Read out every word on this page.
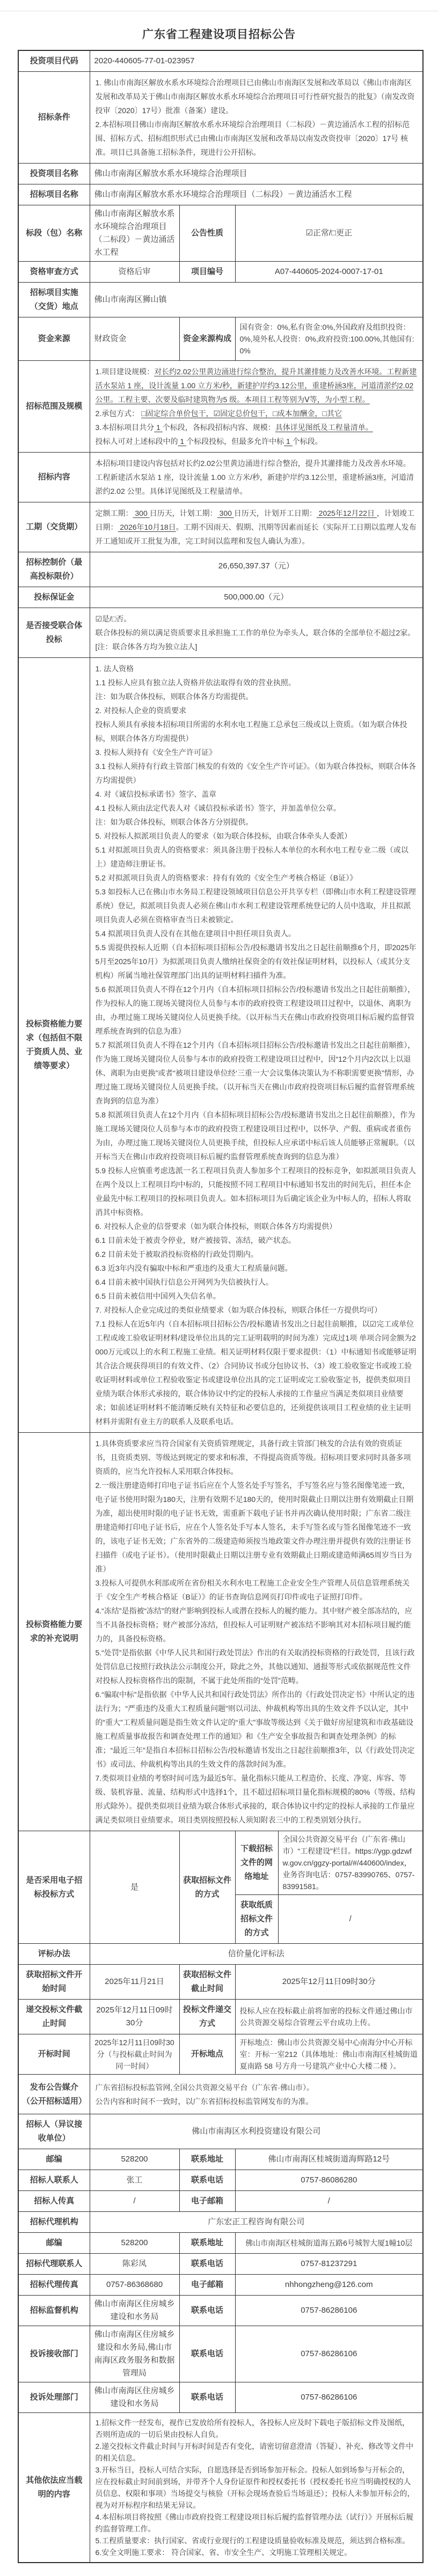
广东省工程建设项目招标公告
投资项目代码	2020-440605-77-01-023957			
招标条件	1. 佛山市南海区解放水系水环境综合治理项目已由佛山市南海区发展和改革局以《佛山市南海区发展和改革局关于佛山市南海区解放水系水环境综合治理项目可行性研究报告的批复》（南发改资投审〔2020〕17号）批准（备案）建设。

2.本招标项目佛山市南海区解放水系水环境综合治理项目（二标段）－黄边涌活水工程的招标范围、招标方式、招标组织形式已由佛山市南海区发展和改革局以南发改资投审〔2020〕17号 核准。项目已具备施工招标条件，现进行公开招标。			

投资项目名称	佛山市南海区解放水系水环境综合治理项目			
招标项目名称	佛山市南海区解放水系水环境综合治理项目（二标段）－黄边涌活水工程			
标段（包）名称	佛山市南海区解放水系水环境综合治理项目（二标段）－黄边涌活水工程	公告性质	☑正常/□更正	
资格审查方式	资格后审	项目编号	A07-440605-2024-0007-17-01	
招标项目实施（交货）地点	佛山市南海区狮山镇			
资金来源	财政资金	资金来源构成	国有资金：0%,私有资金:0%,外国政府及组织投资：0%,境外私人投资：0%,政府投资:100.00%,其他国有:0%	
招标范围及规模	1.项目建设规模：对长约2.02公里黄边涌进行综合整治，提升其灌排能力及改善水环境。工程新建活水泵站 1 座，设计流量 1.00 立方米/秒，新建护岸约3.12公里，重建桥涵3座，河道清淤约2.02 公里。工程主要、次要及临时建筑物为5 级。本项目工程等别为Ⅴ等，为小型工程。

2.承包方式： □固定综合单价包干，☑固定总价包干，□成本加酬金，□其它

3.本招标项目共分 1 个标段，各标段招标内容、规模：具体详见图纸及工程量清单。

投标人可对上述标段中的 1 个标段投标，但最多允许中标 1 个标段。			

招标内容	本招标项目建设内容包括对长约2.02公里黄边涌进行综合整治，提升其灌排能力及改善水环境。工程新建活水泵站 1 座，设计流量 1.00 立方米/秒，新建护岸约3.12公里，重建桥涵3座，河道清淤约2.02 公里。具体详见图纸及工程量清单。			

工期（交货期）	定额工期： 300 日历天，计划工期： 300 日历天，计划开工日期： 2025年12月22日 ，计划竣工日期： 2026年10月18日。工期不因雨天、假期、汛期等因素而延长（实际开工日期以监理人发布开工通知或开工批复为准，完工时间以监理和发包人确认为准）。			

招标控制价（最高投标限价）	26,650,397.37（元）			
投标保证金	500,000.00（元）			
是否接受联合体投标	☑是/□否。

联合体投标的须以满足资质要求且承担施工工作的单位为牵头人，联合体的全部单位不超过2家。

[注：联合体各方均为独立法人]			

投标资格能力要求（包括但不限于资质人员、业绩等要求）	

1. 法人资格

1.1 投标人应具有独立法人资格并依法取得有效的营业执照。

注：如为联合体投标，则联合体各方均需提供。

2. 对投标人企业的资质要求

投标人须具有承接本招标项目所需的水利水电工程施工总承包三级或以上资质。（如为联合体投标，则联合体各方均需提供）

3. 投标人须持有《安全生产许可证》

3.1 投标人须持有行政主管部门核发的有效的《安全生产许可证》。（如为联合体投标，则联合体各方均需提供）

4. 对《诚信投标承诺书》签字、盖章

4.1 投标人须由法定代表人对《诚信投标承诺书》签字，并加盖单位公章。

注：如为联合体投标，则联合体各方分别提供。

5. 对投标人拟派项目负责人的要求（如为联合体投标，由联合体牵头人委派）

5.1 对拟派项目负责人的资格要求：须具备注册于投标人本单位的水利水电工程专业二级（或以上）建造师注册证书。

5.2 对拟派项目负责人的资格要求：持有有效的《安全生产考核合格证（B证）》

5.3 如投标人已在佛山市水务局工程建设领域项目信息公开共享专栏（即佛山市水利工程建设管理系统）登记，拟派项目负责人必须在佛山市水利工程建设管理系统登记的人员中选取，并且拟派项目负责人必须在资格审查当日未被锁定。

5.4 拟派项目负责人没有在其他在建项目中担任项目负责人。

5.5 需提供投标人近期（自本招标项目招标公告/投标邀请书发出之日起往前顺推6个月，即2025年5月至2025年10月）为拟派项目负责人缴纳社保资金的有效社保证明材料，以投标人（或其分支机构）所属当地社保管理部门出具的证明材料扫描件为准。

5.6 拟派项目负责人不得在12个月内（自本招标项目招标公告/投标邀请书发出之日起往前顺推），作为投标人的施工现场关键岗位人员参与本市的政府投资工程建设项目过程中，以退休、离职为由，办理过施工现场关键岗位人员更换手续。（以开标当天在佛山市政府投资项目标后履约监督管理系统查询到的信息为准）

5.7 拟派项目负责人不得在12个月内（自本招标项目招标公告/投标邀请书发出之日起往前顺推），作为施工现场关键岗位人员参与本市的政府投资工程建设项目过程中，因“12个月内2次以上以退休、离职为由更换”或者“被项目建设单位经‘三重一大’会议集体决策认为不称职需要更换”情形，办理过施工现场关键岗位人员更换手续。（以开标当天在佛山市政府投资项目标后履约监督管理系统查询到的信息为准）

5.8 拟派项目负责人在12个月内（自本招标项目招标公告/投标邀请书发出之日起往前顺推），作为施工现场关键岗位人员参与本市的政府投资工程建设项目过程中，以怀孕、产假、重病或者重伤为由，办理过施工现场关键岗位人员更换手续，但投标人应承诺中标后该人员能够正常履职。（以开标当天在佛山市政府投资项目标后履约监督管理系统查询到的信息为准）

5.9 投标人应慎重考虑选派一名工程项目负责人参加多个工程项目的投标竞争，如拟派项目负责人在两个及以上工程项目均中标的，只能按照不同工程项目中标通知书发出的时间先后，担任本企业最先中标工程项目的投标项目负责人。如本招标项目为后确定该企业为中标人的，招标人将取消其中标资格。

6. 对投标人企业的信誉要求（如为联合体投标，则联合体各方均需提供）

6.1 目前未处于被责令停业，财产被接管、冻结，破产状态。

6.2 目前未处于被取消投标资格的行政处罚期内。

6.3 近3年内没有骗取中标和严重违约及重大工程质量问题。

6.4 目前未被中国执行信息公开网列为失信被执行人。

6.5 目前未被信用中国列入失信名单。

7. 对投标人企业完成过的类似业绩要求（如为联合体投标，则联合体任一方提供均可）

7.1 投标人在近5年内（自本招标项目招标公告/投标邀请书发出之日起往前顺推，以☑完工或单位工程或竣工验收证明材料/建设单位出具的完工证明载明的时间为准）完成过1项 单项合同金额为2000万元或以上的水利工程施工业绩。相关证明材料仅限于要求提供：（1）中标通知书或能够证明其合法合规获得项目的有效文件、（2）合同协议书或分包协议书、（3）竣工验收鉴定书或竣工验收证明材料或单位工程验收鉴定书或建设单位出具的完工证明或完工验收鉴定书，提供类似项目业绩为联合体形式承接的，联合体协议中约定的投标人承接的工作量应当满足类似项目业绩要求；如前述证明材料不能清晰反映有关特征和必要信息的，还须提供该项目工程业绩的业主证明材料并需附有业主方的联系人及联系电话。

投标资格能力要求的补充说明	

1.具体资质要求应当符合国家有关资质管理规定，具备行政主管部门核发的合法有效的资质证书，且资质类别、等级达到规定的要求和标准，不得提高资质等级。招标项目要求同时具备多项资质的，应当允许投标人采用联合体投标。

2.一级注册建造师打印电子证书后应在个人签名处手写签名，手写签名应与签名图像笔迹一致，电子证书使用时限为180天，注册有效期不足180天的，使用时限截止日期以注册有效期截止日期为准，超出使用时限的电子证书无效，需重新下载电子证书并再次确认使用时限；广东省二级注册建造师打印电子证书后，应在个人签名处手写本人签名，未手写签名或与签名图像笔迹不一致的，该电子证书无效；广东省外的二级建造师须按当地政策文件办理注册并提供有效的注册证书扫描件（或电子证书）。（使用时限截止日期以注册专业有效期截止日期或建造师满65周岁当日为准）

3.投标人可提供水利部或所在省份相关水利水电工程施工企业安全生产管理人员信息管理系统关于《安全生产考核合格证（B证）》的证书查询信息网页打印件或电子证照打印件。

4.“冻结”是指被“冻结”的财产影响到投标人或潜在投标人的履约能力。其中财产被全部冻结的，应当不具备投标资格；财产被部分冻结，但投标人可证明财产被冻结不影响其对本招标项目履约能力的，具备投标资格。

5.“处罚”是指依据《中华人民共和国行政处罚法》作出的有关取消投标资格的行政处罚，且该行政处罚信息已按照行政执法公示制度公开，除此之外，其他以通知、通报等形式或依据规范性文件对投标人投标资格作出的限制，不属于此处所指的“处罚”范畴。

6.“骗取中标”是指依据《中华人民共和国行政处罚法》所作出的《行政处罚决定书》中所认定的违法行为；“严重违约及重大工程质量问题”则以司法、仲裁机构等出具的生效文件予以认定，其中的“重大”工程质量问题是指生效文件认定的“重大”事故等级达到《关于做好房屋建筑和市政基础设施工程质量事故报告和调查处理工作的通知》和《生产安全事故报告和调查处理条例》的标准；“最近三年”是指自本招标目招标公告/投标邀请书发出之日起往前顺推3年，以《行政处罚决定书》或司法、仲裁机构等出具的生效文件的落款时间为准。

7.类似项目业绩的考察时间可选为最近5年。量化指标只能从工程造价、长度、净宽、库容、等级、装机容量、流量、结构形式中选择1个，且不超过招标项目量化指标规模的80%（等级、结构形式除外）。提供类似项目业绩为联合体形式承接的，联合体协议中约定的投标人承接的工作量应满足类似项目业绩要求。项目类别按照投标人须知附表三中的工程类别划分执行。

是否采用电子招标投标方式	是	获取招标文件的方式	下载招标文件的网络地址	全国公共资源交易平台（广东省·佛山市）“工程建设”栏目。https://ygp.gdzwfw.gov.cn/ggzy-portal/#/440600/index，业务咨询电话：0757-83990765、0757-83991581。
			获取纸质招标文件的方式	/
评标办法	信价量化评标法			
获取招标文件开始时间	2025年11月21日	获取招标文件截止时间	2025年12月11日09时30分	
递交投标文件截止时间	2025年12月11日09时30分	投标文件递交方式	投标人应在投标截止前将加密的投标文件通过佛山市公共资源交易综合管理云平台成功上传。	
开标时间	2025年12月11日09时30分（与投标截止时间为同一时间）	开标地点	开标地点：佛山市公共资源交易中心南海分中心开标室：开标一室212（具体地址：佛山市南海区桂城街道夏南路 58 号方舟一号建筑产业中心大楼二楼 ）。	
发布公告媒介（公开招标适用）	广东省招标投标监管网,全国公共资源交易平台（广东省·佛山市）。

公告内容和时间不一致时，以广东省招标投标监管网发布的为准。			

招标人（异议接收单位）	佛山市南海区水利投资建设有限公司			
邮编	528200	联系地址	佛山市南海区桂城街道海辉路12号	
招标人联系人	张工	联系电话	0757-86086280	
招标人传真	/	电子邮箱	/	
招标代理机构	广东宏正工程咨询有限公司			
邮编	528200	联系地址	佛山市南海区桂城街道海五路6号城智大厦1幢10层	
招标代理联系人	陈彩凤	联系电话	0757-81237291	
招标代理传真	0757-86368680	电子邮箱	nhhongzheng@126.com	
招标监督机构	佛山市南海区住房城乡建设和水务局	联系电话	0757-86286106	
投诉接收部门	佛山市南海区住房城乡建设和水务局,佛山市南海区政务服务和数据管理局	联系电话	0757-86286106	
投诉处理部门	佛山市南海区住房城乡建设和水务局	联系电话	0757-86286106	
其他依法应当载明的内容	

1.招标文件一经发布，视作已发放给所有投标人，各投标人应及时下载电子版招标文件及图纸，否则所造成的一切后果由投标人自负。

2.递交投标文件截止时间与开标时间是否有变化，请密切留意澄清（答疑）、补充、修改等文件中的相关信息。

3.开标当日，投标人可结合实际，自愿选择是否到场参加开标会。投标人如到场参与开标会的，应在投标截止时间前到场，并带齐个人身份证原件和授权委托书（授权委托书应当明确授权的人员信息、权限和事项）当场提交与核验（开标会现场查验后当场退还）；投标人未参加开标会的，视为对开标程序和结果无异议。

4.本招标项目将按照《佛山市政府投资工程建设项目标后履约监督管理办法（试行）》开展标后履约监督管理工作。

5.工程质量要求：执行国家、省或行业现行的工程建设质量验收标准及规范，须达到合格标准。

6.安全文明施工要求： 符合国家、省、市安全生产、文明施工管理相关规定。
